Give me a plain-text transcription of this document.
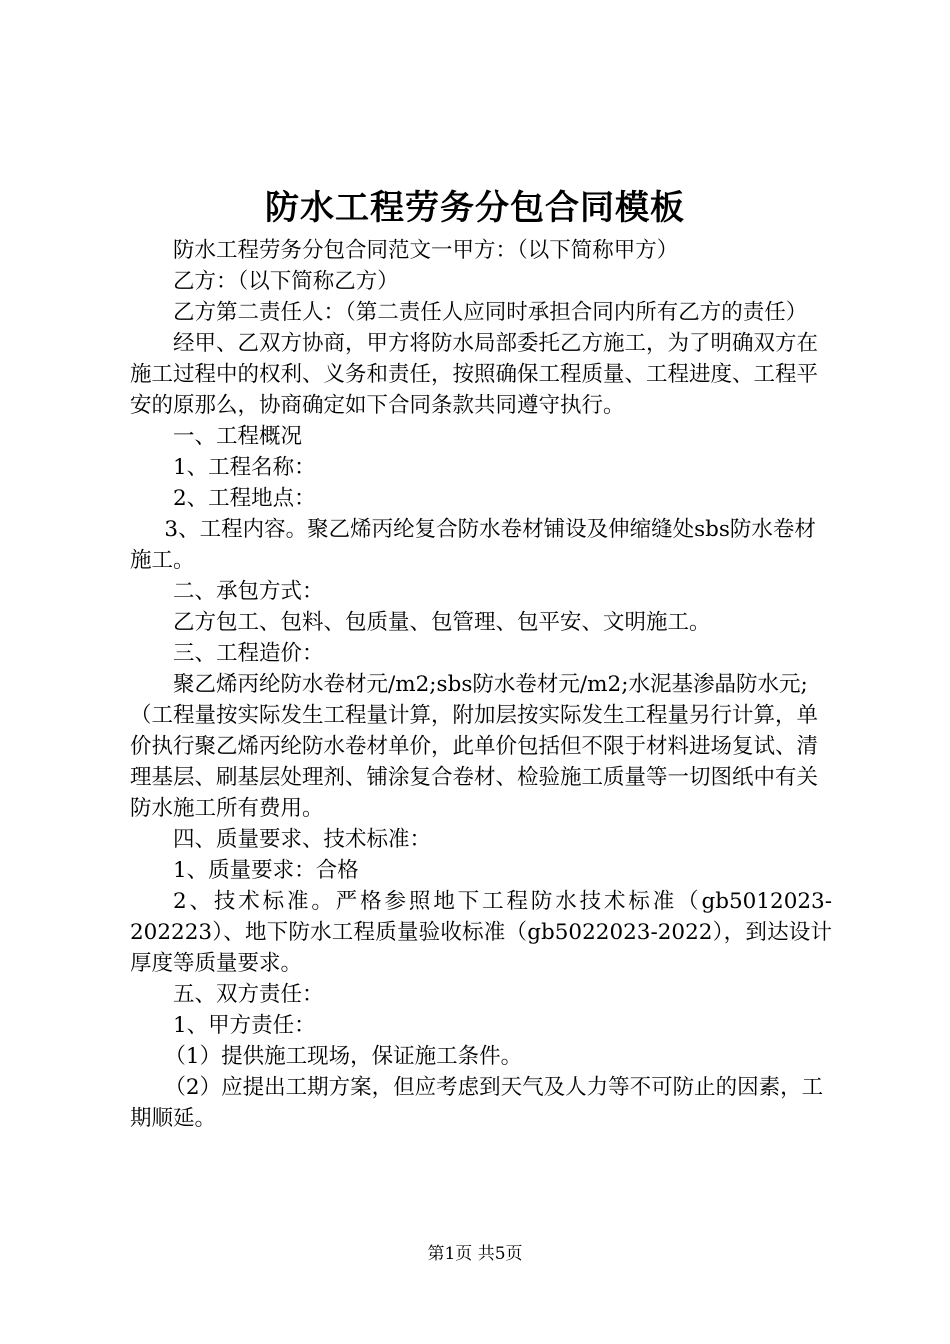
防水工程劳务分包合同模板

防水工程劳务分包合同范文一甲方：（以下简称甲方）

乙方：（以下简称乙方）

乙方第二责任人：（第二责任人应同时承担合同内所有乙方的责任）

经甲、乙双方协商，甲方将防水局部委托乙方施工，为了明确双方在施工过程中的权利、义务和责任，按照确保工程质量、工程进度、工程平安的原那么，协商确定如下合同条款共同遵守执行。

一、工程概况

1、工程名称：

2、工程地点：

3、工程内容。聚乙烯丙纶复合防水卷材铺设及伸缩缝处sbs防水卷材施工。

二、承包方式：

乙方包工、包料、包质量、包管理、包平安、文明施工。

三、工程造价：

聚乙烯丙纶防水卷材元/m2;sbs防水卷材元/m2;水泥基渗晶防水元;（工程量按实际发生工程量计算，附加层按实际发生工程量另行计算，单价执行聚乙烯丙纶防水卷材单价，此单价包括但不限于材料进场复试、清理基层、刷基层处理剂、铺涂复合卷材、检验施工质量等一切图纸中有关防水施工所有费用。

四、质量要求、技术标准：

1、质量要求：合格

2、技术标准。严格参照地下工程防水技术标准（gb5012023-202223）、地下防水工程质量验收标准（gb5022023-2022），到达设计厚度等质量要求。

五、双方责任：

1、甲方责任：

（1）提供施工现场，保证施工条件。

（2）应提出工期方案，但应考虑到天气及人力等不可防止的因素，工期顺延。

第1页 共5页
